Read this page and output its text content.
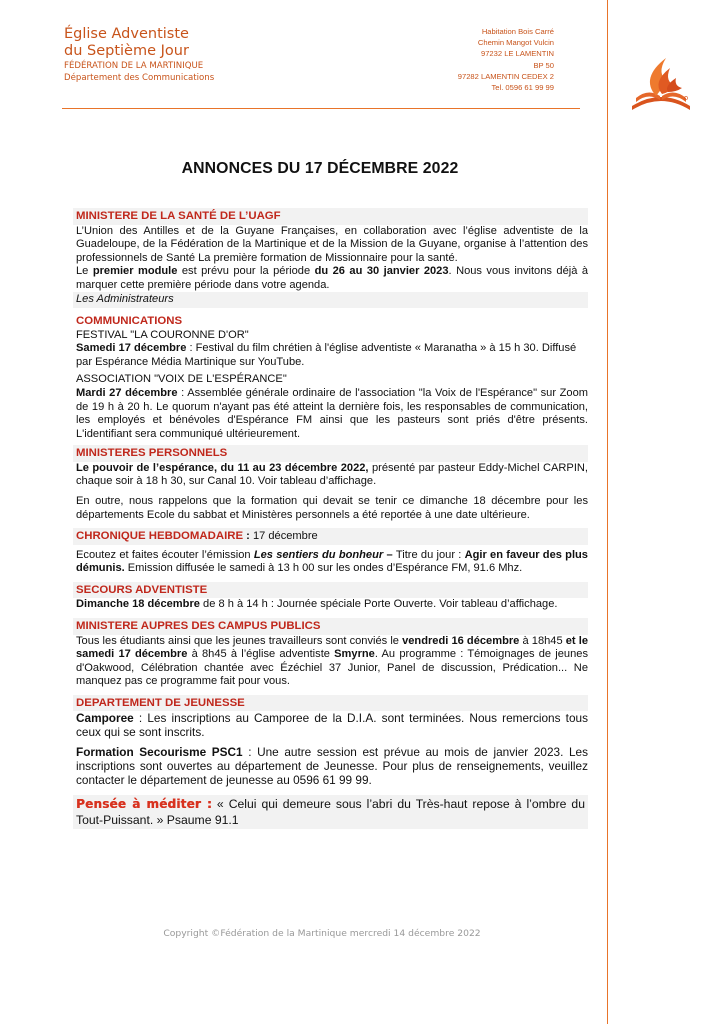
Église Adventiste
du Septième Jour
FÉDÉRATION DE LA MARTINIQUE
Département des Communications
Habitation Bois Carré
Chemin Mangot Vulcin
97232 LE LAMENTIN
BP 50
97282 LAMENTIN CEDEX 2
Tel. 0596 61 99 99
ANNONCES DU 17 DÉCEMBRE 2022
MINISTERE DE LA SANTÉ DE L’UAGF

L’Union des Antilles et de la Guyane Françaises, en collaboration avec l’église adventiste de la Guadeloupe, de la Fédération de la Martinique et de la Mission de la Guyane, organise à l’attention des professionnels de Santé La première formation de Missionnaire pour la santé.

Le premier module est prévu pour la période du 26 au 30 janvier 2023. Nous vous invitons déjà à marquer cette première période dans votre agenda.

Les Administrateurs

COMMUNICATIONS

FESTIVAL "LA COURONNE D'OR"

Samedi 17 décembre : Festival du film chrétien à l'église adventiste « Maranatha » à 15 h 30. Diffusé par Espérance Média Martinique sur YouTube.

ASSOCIATION "VOIX DE L'ESPÉRANCE"

Mardi 27 décembre : Assemblée générale ordinaire de l'association "la Voix de l'Espérance" sur Zoom de 19 h à 20 h. Le quorum n'ayant pas été atteint la dernière fois, les responsables de communication, les employés et bénévoles d'Espérance FM ainsi que les pasteurs sont priés d'être présents. L'identifiant sera communiqué ultérieurement.

MINISTERES PERSONNELS

Le pouvoir de l’espérance, du 11 au 23 décembre 2022, présenté par pasteur Eddy-Michel CARPIN, chaque soir à 18 h 30, sur Canal 10. Voir tableau d’affichage.

En outre, nous rappelons que la formation qui devait se tenir ce dimanche 18 décembre pour les départements Ecole du sabbat et Ministères personnels a été reportée à une date ultérieure.

CHRONIQUE HEBDOMADAIRE : 17 décembre

Ecoutez et faites écouter l’émission Les sentiers du bonheur – Titre du jour : Agir en faveur des plus démunis. Emission diffusée le samedi à 13 h 00 sur les ondes d’Espérance FM, 91.6 Mhz.

SECOURS ADVENTISTE

Dimanche 18 décembre de 8 h à 14 h : Journée spéciale Porte Ouverte. Voir tableau d’affichage.

MINISTERE AUPRES DES CAMPUS PUBLICS

Tous les étudiants ainsi que les jeunes travailleurs sont conviés le vendredi 16 décembre à 18h45 et le samedi 17 décembre à 8h45 à l’église adventiste Smyrne. Au programme : Témoignages de jeunes d'Oakwood, Célébration chantée avec Ézéchiel 37 Junior, Panel de discussion, Prédication... Ne manquez pas ce programme fait pour vous.

DEPARTEMENT DE JEUNESSE

Camporee : Les inscriptions au Camporee de la D.I.A. sont terminées. Nous remercions tous ceux qui se sont inscrits.

Formation Secourisme PSC1 : Une autre session est prévue au mois de janvier 2023. Les inscriptions sont ouvertes au département de Jeunesse. Pour plus de renseignements, veuillez contacter le département de jeunesse au 0596 61 99 99.

Pensée à méditer : « Celui qui demeure sous l’abri du Très-haut repose à l’ombre du Tout-Puissant. » Psaume 91.1

Copyright ©Fédération de la Martinique mercredi 14 décembre 2022
